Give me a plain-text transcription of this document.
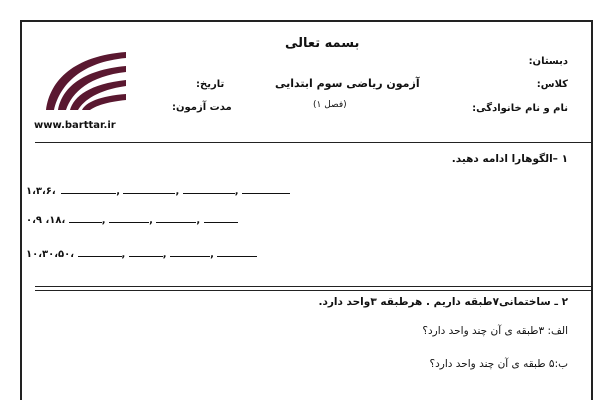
بسمه تعالی
دبستان:
آزمون ریاضی سوم ابتدایی	کلاس:
تاریخ:
(فصل ۱)	نام و نام خانوادگی:
مدت آزمون:
www.barttar.ir
۱ –الگوهارا ادامه دهید.
۱،۳،۶،	,	,	,
۰،۹ ،۱۸،	,	,	,
۱۰،۳۰،۵۰،	,	,	,
۲ ـ ساختمانی۷طبقه داریم . هرطبقه ۳واحد دارد.
الف: ۳طبقه ی آن چند واحد دارد؟
ب:۵ طبقه ی آن چند واحد دارد؟
